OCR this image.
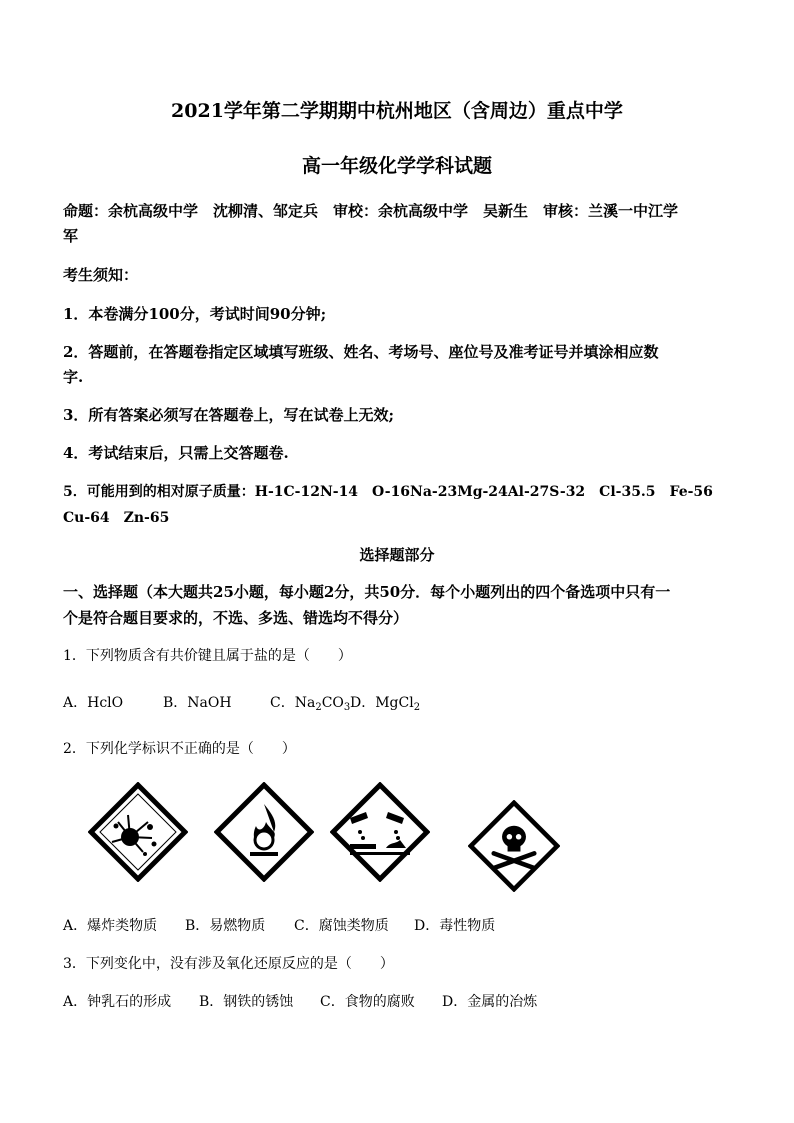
2021学年第二学期期中杭州地区（含周边）重点中学
高一年级化学学科试题
命题：余杭高级中学　沈柳清、邹定兵　审校：余杭高级中学　吴新生　审核：兰溪一中江学
军
考生须知：
1．本卷满分100分，考试时间90分钟;
2．答题前，在答题卷指定区域填写班级、姓名、考场号、座位号及准考证号并填涂相应数
字.
3．所有答案必须写在答题卷上，写在试卷上无效;
4．考试结束后，只需上交答题卷.
5．可能用到的相对原子质量：H-1C-12N-14　O-16Na-23Mg-24Al-27S-32　Cl-35.5　Fe-56
Cu-64　Zn-65
选择题部分
一、选择题（本大题共25小题，每小题2分，共50分．每个小题列出的四个备选项中只有一
个是符合题目要求的，不选、多选、错选均不得分）
1．下列物质含有共价键且属于盐的是（　　）
A．HclO	B．NaOH	C．$Na_2CO_3$ D．MgCl$_2$
2．下列化学标识不正确的是（　　）
A．爆炸类物质 B．易燃物质 C．腐蚀类物质 D．毒性物质
3．下列变化中，没有涉及氧化还原反应的是（　　）
A．钟乳石的形成 B．钢铁的锈蚀 C．食物的腐败 D．金属的冶炼
